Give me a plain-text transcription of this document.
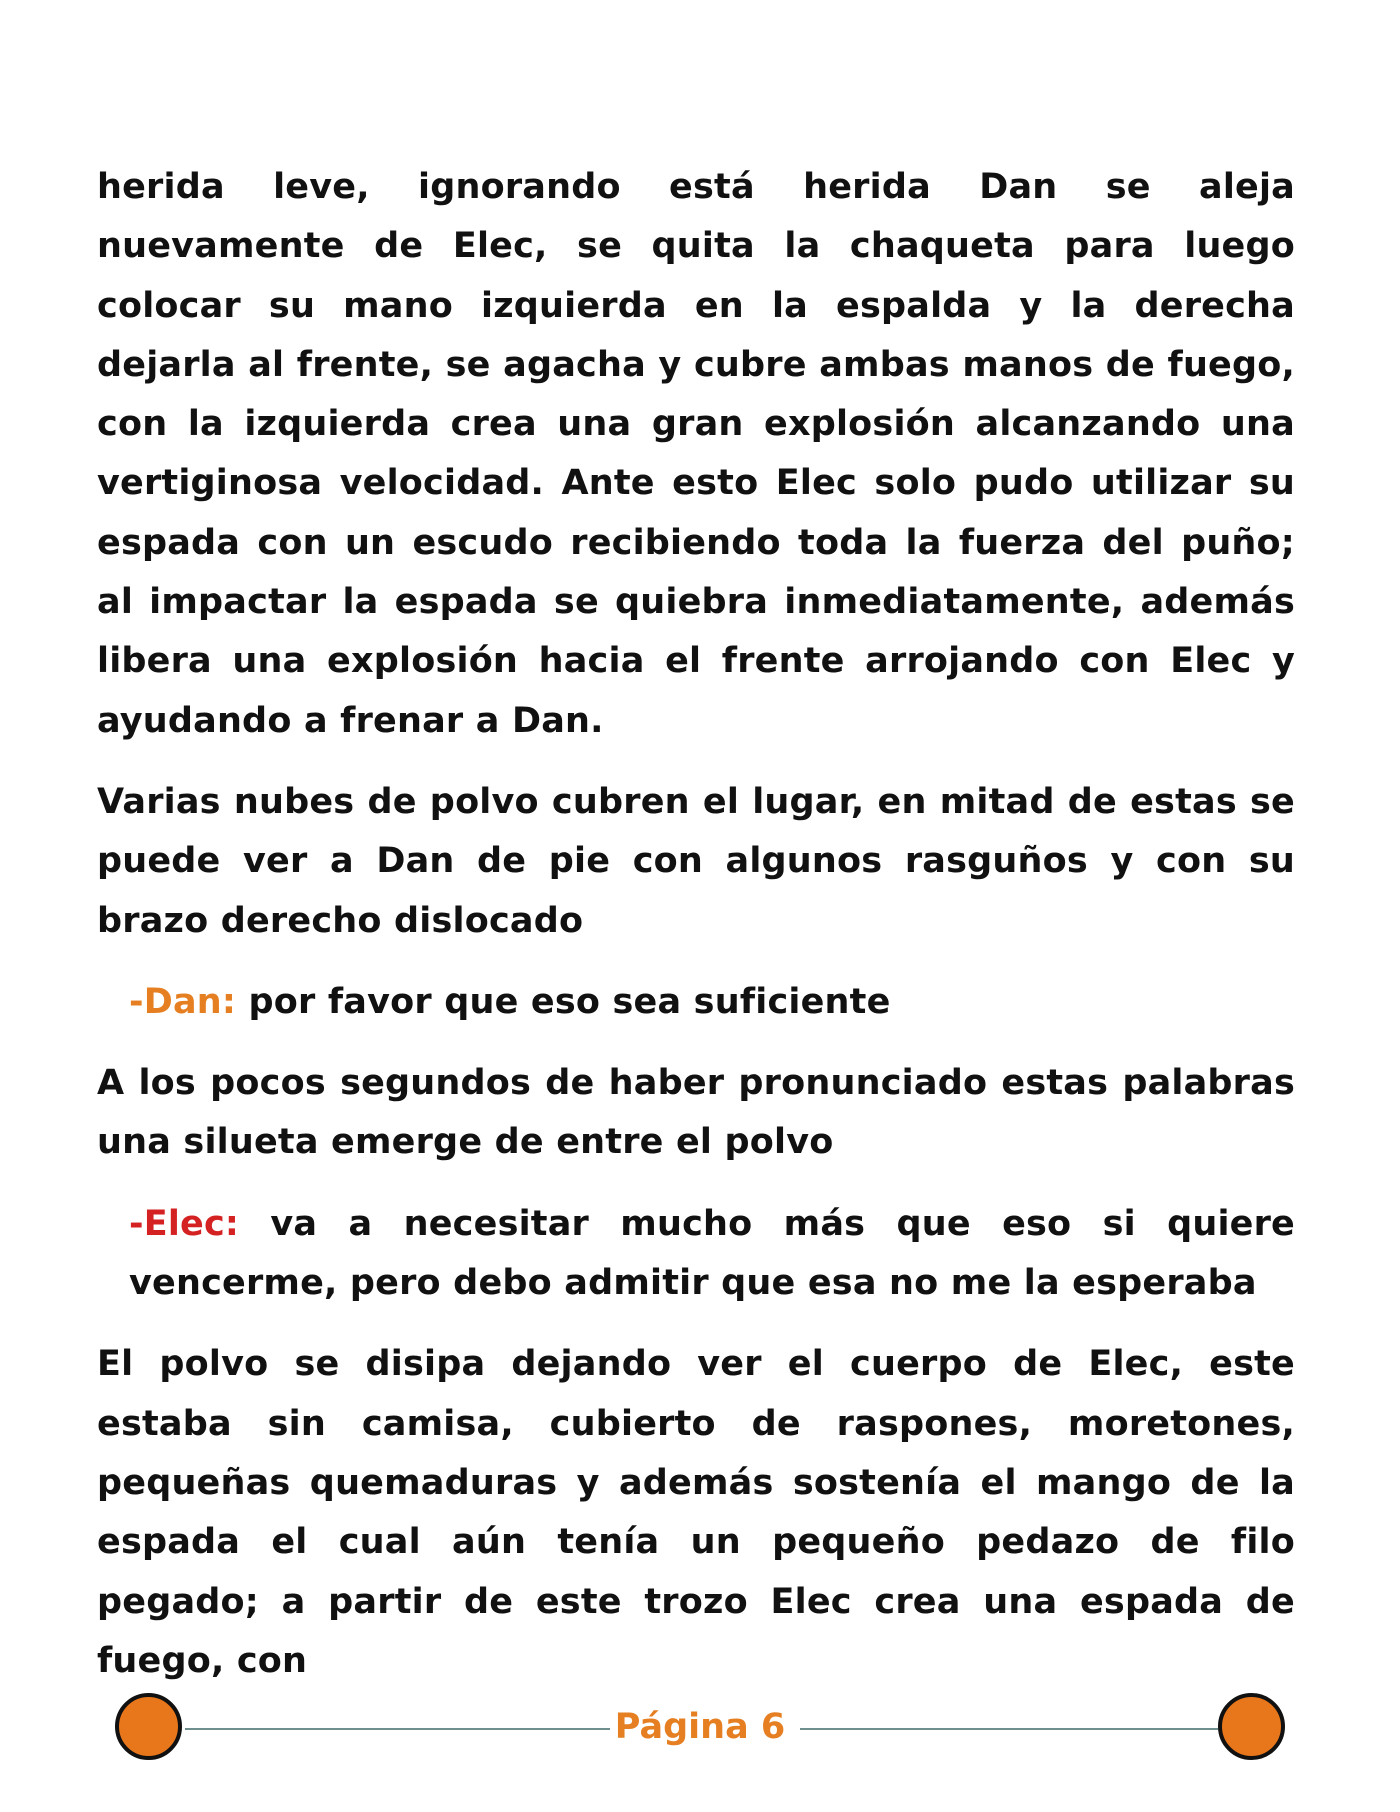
herida leve, ignorando está herida Dan se aleja nuevamente de Elec, se quita la chaqueta para luego colocar su mano izquierda en la espalda y la derecha dejarla al frente, se agacha y cubre ambas manos de fuego, con la izquierda crea una gran explosión alcanzando una vertiginosa velocidad. Ante esto Elec solo pudo utilizar su espada con un escudo recibiendo toda la fuerza del puño; al impactar la espada se quiebra inmediatamente, además libera una explosión hacia el frente arrojando con Elec y ayudando a frenar a Dan.

Varias nubes de polvo cubren el lugar, en mitad de estas se puede ver a Dan de pie con algunos rasguños y con su brazo derecho dislocado

-Dan: por favor que eso sea suficiente

A los pocos segundos de haber pronunciado estas palabras una silueta emerge de entre el polvo

-Elec: va a necesitar mucho más que eso si quiere vencerme, pero debo admitir que esa no me la esperaba

El polvo se disipa dejando ver el cuerpo de Elec, este estaba sin camisa, cubierto de raspones, moretones, pequeñas quemaduras y además sostenía el mango de la espada el cual aún tenía un pequeño pedazo de filo pegado; a partir de este trozo Elec crea una espada de fuego, con

Página 6
